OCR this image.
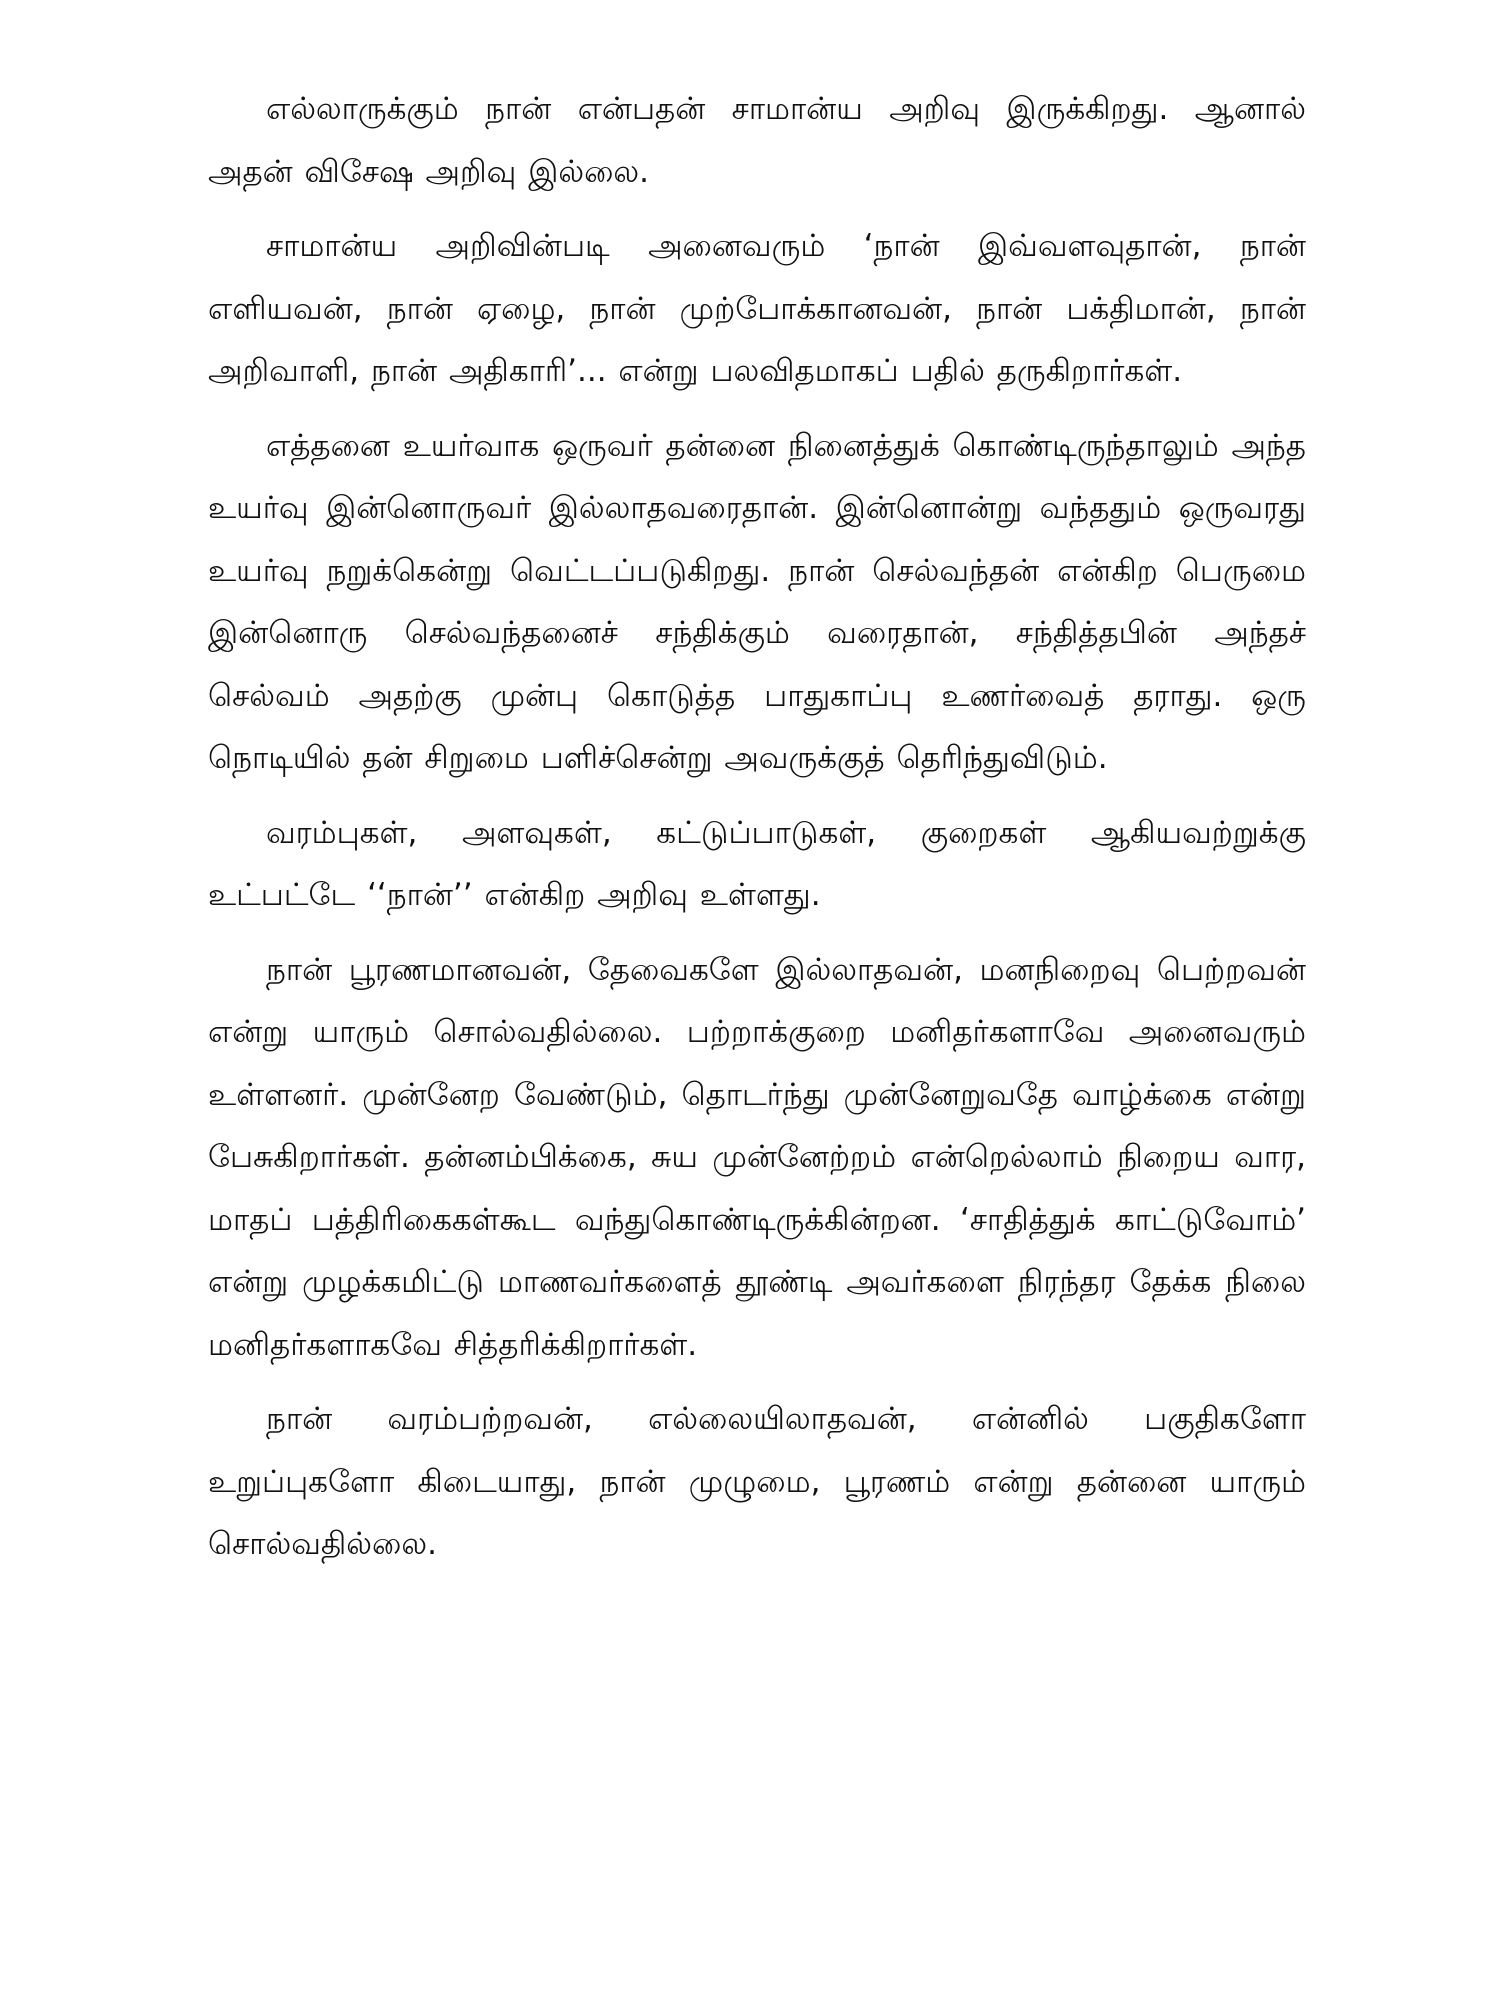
எல்லாருக்கும் நான் என்பதன் சாமான்ய அறிவு இருக்கிறது. ஆனால் அதன் விசேஷ அறிவு இல்லை.

சாமான்ய அறிவின்படி அனைவரும் ‘நான் இவ்வளவுதான், நான் எளியவன், நான் ஏழை, நான் முற்போக்கானவன், நான் பக்திமான், நான் அறிவாளி, நான் அதிகாரி’... என்று பலவிதமாகப் பதில் தருகிறார்கள்.

எத்தனை உயர்வாக ஒருவர் தன்னை நினைத்துக் கொண்டிருந்தாலும் அந்த உயர்வு இன்னொருவர் இல்லாதவரைதான். இன்னொன்று வந்ததும் ஒருவரது உயர்வு நறுக்கென்று வெட்டப்படுகிறது. நான் செல்வந்தன் என்கிற பெருமை இன்னொரு செல்வந்தனைச் சந்திக்கும் வரைதான், சந்தித்தபின் அந்தச் செல்வம் அதற்கு முன்பு கொடுத்த பாதுகாப்பு உணர்வைத் தராது. ஒரு நொடியில் தன் சிறுமை பளிச்சென்று அவருக்குத் தெரிந்துவிடும்.

வரம்புகள், அளவுகள், கட்டுப்பாடுகள், குறைகள் ஆகியவற்றுக்கு உட்பட்டே ‘‘நான்’’ என்கிற அறிவு உள்ளது.

நான் பூரணமானவன், தேவைகளே இல்லாதவன், மனநிறைவு பெற்றவன் என்று யாரும் சொல்வதில்லை. பற்றாக்குறை மனிதர்களாவே அனைவரும் உள்ளனர். முன்னேற வேண்டும், தொடர்ந்து முன்னேறுவதே வாழ்க்கை என்று பேசுகிறார்கள். தன்னம்பிக்கை, சுய முன்னேற்றம் என்றெல்லாம் நிறைய வார, மாதப் பத்திரிகைகள்கூட வந்துகொண்டிருக்கின்றன. ‘சாதித்துக் காட்டுவோம்’ என்று முழக்கமிட்டு மாணவர்களைத் தூண்டி அவர்களை நிரந்தர தேக்க நிலை மனிதர்களாகவே சித்தரிக்கிறார்கள்.

நான் வரம்பற்றவன், எல்லையிலாதவன், என்னில் பகுதிகளோ உறுப்புகளோ கிடையாது, நான் முழுமை, பூரணம் என்று தன்னை யாரும் சொல்வதில்லை.
